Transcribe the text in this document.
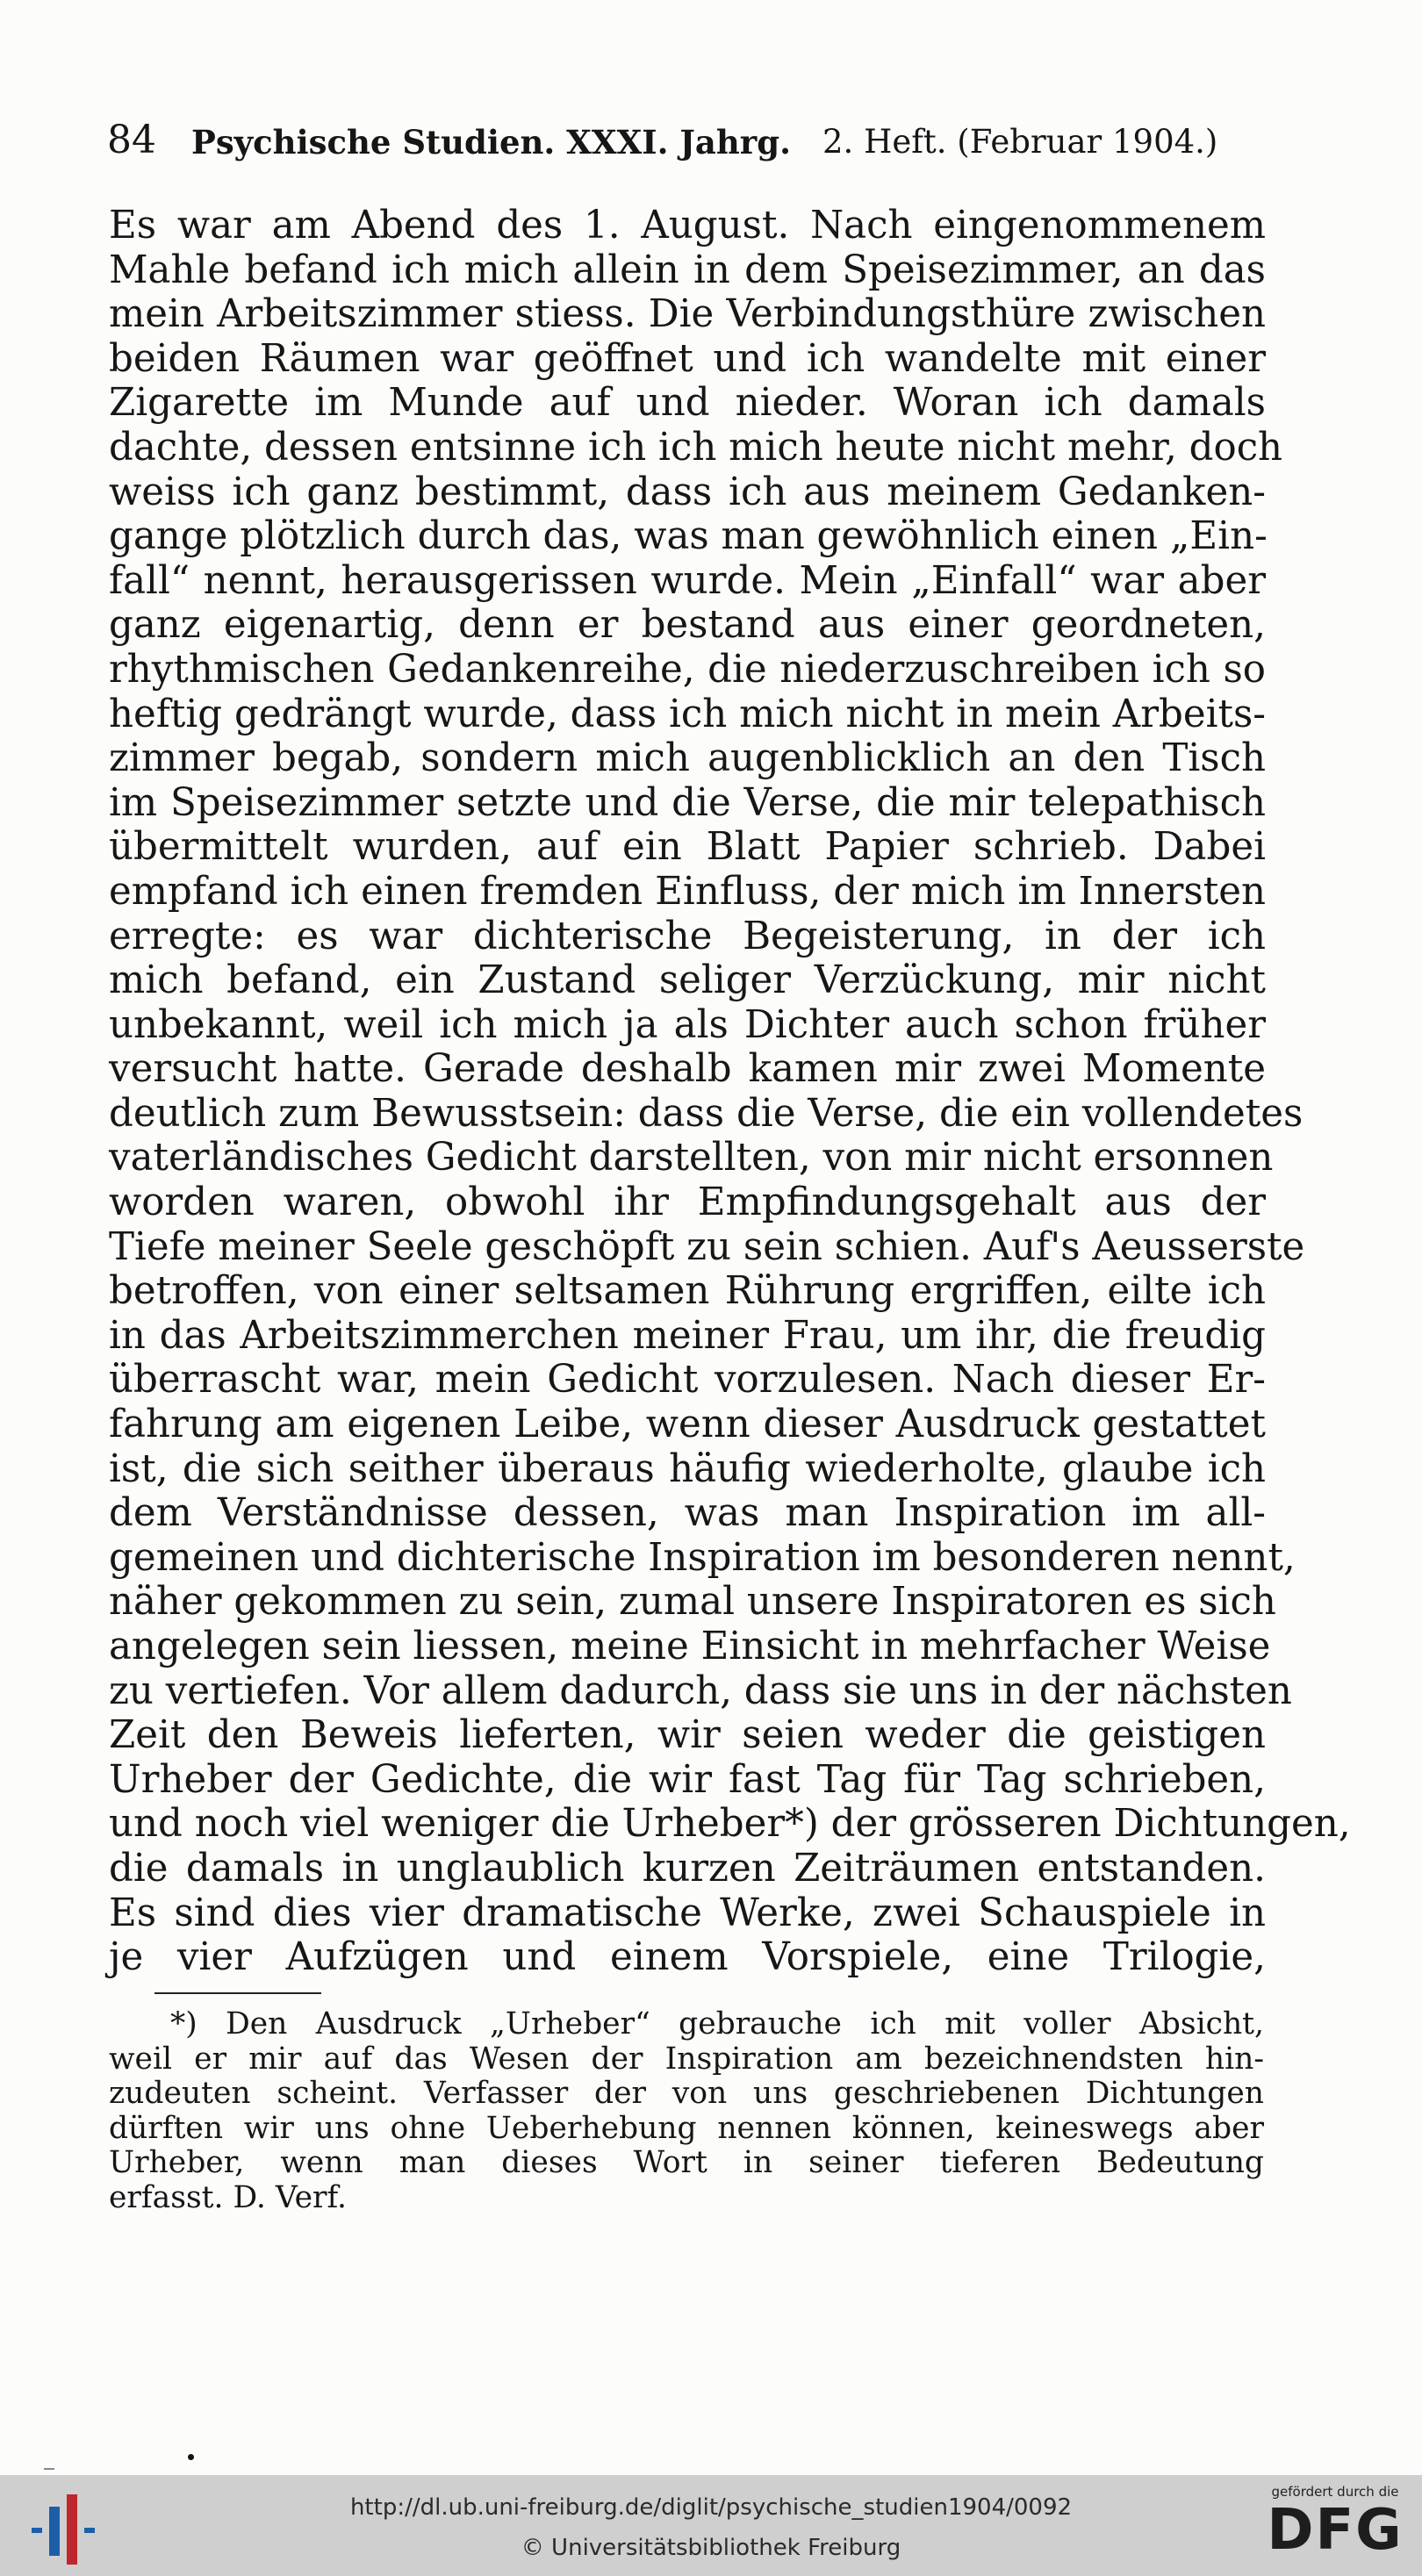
84 Psychische Studien. XXXI. Jahrg. 2. Heft. (Februar 1904.)
Es war am Abend des 1. August. Nach eingenommenem
Mahle befand ich mich allein in dem Speisezimmer, an das
mein Arbeitszimmer stiess. Die Verbindungsthüre zwischen
beiden Räumen war geöffnet und ich wandelte mit einer
Zigarette im Munde auf und nieder. Woran ich damals
dachte, dessen entsinne ich ich mich heute nicht mehr, doch
weiss ich ganz bestimmt, dass ich aus meinem Gedanken-
gange plötzlich durch das, was man gewöhnlich einen „Ein-
fall“ nennt, herausgerissen wurde. Mein „Einfall“ war aber
ganz eigenartig, denn er bestand aus einer geordneten,
rhythmischen Gedankenreihe, die niederzuschreiben ich so
heftig gedrängt wurde, dass ich mich nicht in mein Arbeits-
zimmer begab, sondern mich augenblicklich an den Tisch
im Speisezimmer setzte und die Verse, die mir telepathisch
übermittelt wurden, auf ein Blatt Papier schrieb. Dabei
empfand ich einen fremden Einfluss, der mich im Innersten
erregte: es war dichterische Begeisterung, in der ich
mich befand, ein Zustand seliger Verzückung, mir nicht
unbekannt, weil ich mich ja als Dichter auch schon früher
versucht hatte. Gerade deshalb kamen mir zwei Momente
deutlich zum Bewusstsein: dass die Verse, die ein vollendetes
vaterländisches Gedicht darstellten, von mir nicht ersonnen
worden waren, obwohl ihr Empfindungsgehalt aus der
Tiefe meiner Seele geschöpft zu sein schien. Auf's Aeusserste
betroffen, von einer seltsamen Rührung ergriffen, eilte ich
in das Arbeitszimmerchen meiner Frau, um ihr, die freudig
überrascht war, mein Gedicht vorzulesen. Nach dieser Er-
fahrung am eigenen Leibe, wenn dieser Ausdruck gestattet
ist, die sich seither überaus häufig wiederholte, glaube ich
dem Verständnisse dessen, was man Inspiration im all-
gemeinen und dichterische Inspiration im besonderen nennt,
näher gekommen zu sein, zumal unsere Inspiratoren es sich
angelegen sein liessen, meine Einsicht in mehrfacher Weise
zu vertiefen. Vor allem dadurch, dass sie uns in der nächsten
Zeit den Beweis lieferten, wir seien weder die geistigen
Urheber der Gedichte, die wir fast Tag für Tag schrieben,
und noch viel weniger die Urheber*) der grösseren Dichtungen,
die damals in unglaublich kurzen Zeiträumen entstanden.
Es sind dies vier dramatische Werke, zwei Schauspiele in
je vier Aufzügen und einem Vorspiele, eine Trilogie,
*) Den Ausdruck „Urheber“ gebrauche ich mit voller Absicht,
weil er mir auf das Wesen der Inspiration am bezeichnendsten hin-
zudeuten scheint. Verfasser der von uns geschriebenen Dichtungen
dürften wir uns ohne Ueberhebung nennen können, keineswegs aber
Urheber, wenn man dieses Wort in seiner tieferen Bedeutung
erfasst. D. Verf.
http://dl.ub.uni-freiburg.de/diglit/psychische_studien1904/0092
© Universitätsbibliothek Freiburg
gefördert durch die
DFG
